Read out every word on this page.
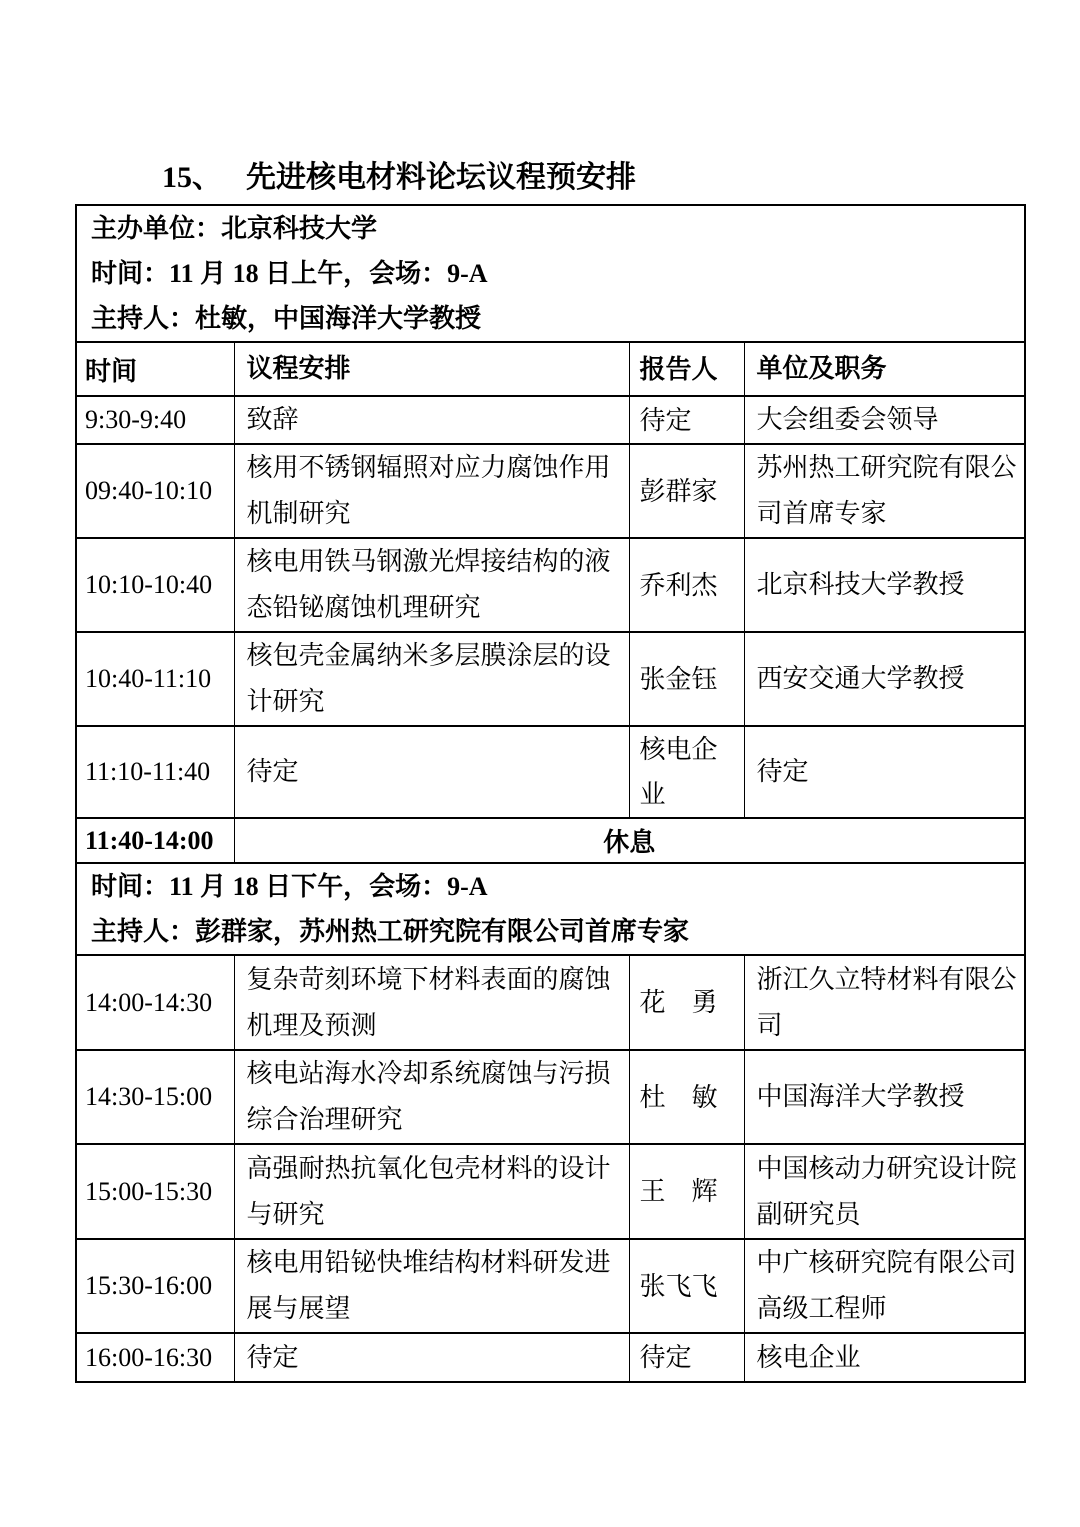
15、 先进核电材料论坛议程预安排
主办单位：北京科技大学
时间：11 月 18 日上午，会场：9-A
主持人：杜敏，中国海洋大学教授			

时间	议程安排	报告人	单位及职务
9:30-9:40	致辞	待定	大会组委会领导
09:40-10:10	核用不锈钢辐照对应力腐蚀作用机制研究	彭群家	苏州热工研究院有限公司首席专家
10:10-10:40	核电用铁马钢激光焊接结构的液态铅铋腐蚀机理研究	乔利杰	北京科技大学教授
10:40-11:10	核包壳金属纳米多层膜涂层的设计研究	张金钰	西安交通大学教授
11:10-11:40	待定	核电企业	待定
11:40-14:00	休息		

时间：11 月 18 日下午，会场：9-A
主持人：彭群家，苏州热工研究院有限公司首席专家			

14:00-14:30	复杂苛刻环境下材料表面的腐蚀机理及预测	花　勇	浙江久立特材料有限公司
14:30-15:00	核电站海水冷却系统腐蚀与污损综合治理研究	杜　敏	中国海洋大学教授
15:00-15:30	高强耐热抗氧化包壳材料的设计与研究	王　辉	中国核动力研究设计院副研究员
15:30-16:00	核电用铅铋快堆结构材料研发进展与展望	张飞飞	中广核研究院有限公司高级工程师
16:00-16:30	待定	待定	核电企业
